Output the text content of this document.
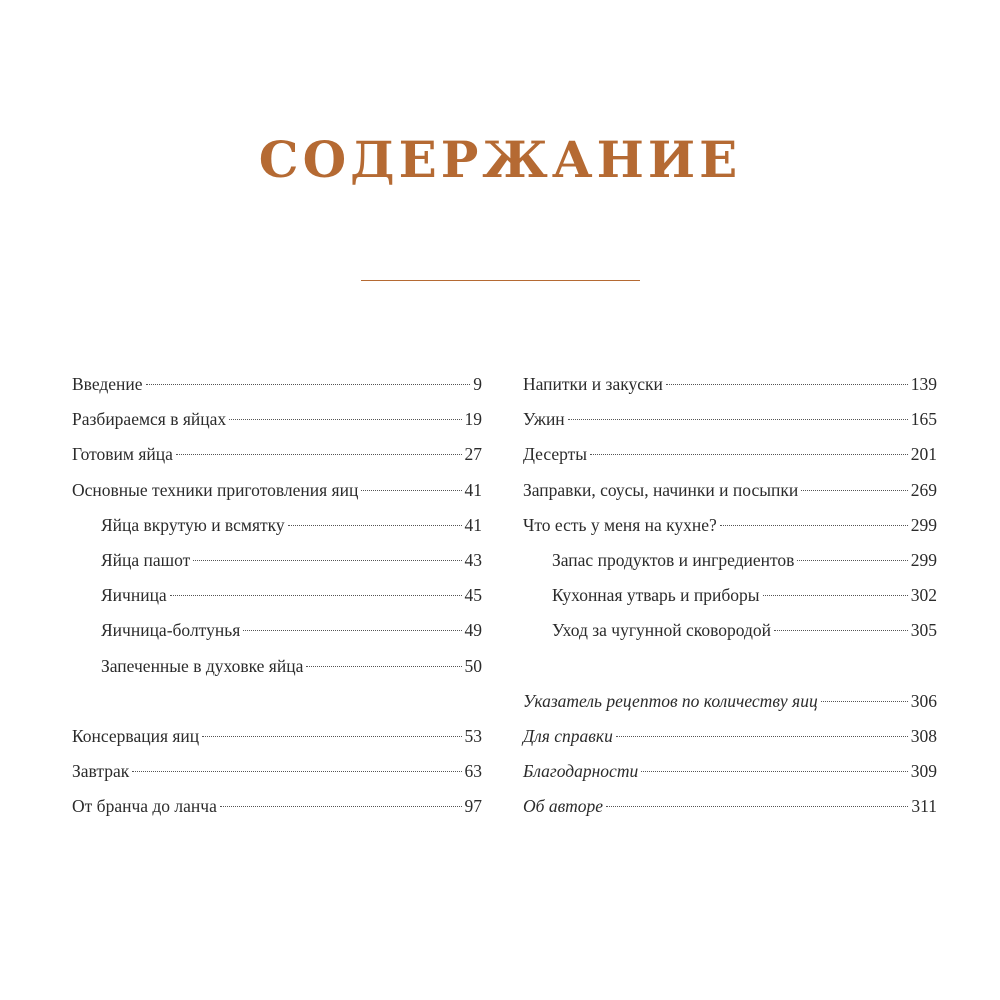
СОДЕРЖАНИЕ
Введение	9
Разбираемся в яйцах	19
Готовим яйца	27
Основные техники приготовления яиц	41
Яйца вкрутую и всмятку	41
Яйца пашот	43
Яичница	45
Яичница-болтунья	49
Запеченные в духовке яйца	50
Консервация яиц	53
Завтрак	63
От бранча до ланча	97
Напитки и закуски	139
Ужин	165
Десерты	201
Заправки, соусы, начинки и посыпки	269
Что есть у меня на кухне?	299
Запас продуктов и ингредиентов	299
Кухонная утварь и приборы	302
Уход за чугунной сковородой	305
Указатель рецептов по количеству яиц	306
Для справки	308
Благодарности	309
Об авторе	311
